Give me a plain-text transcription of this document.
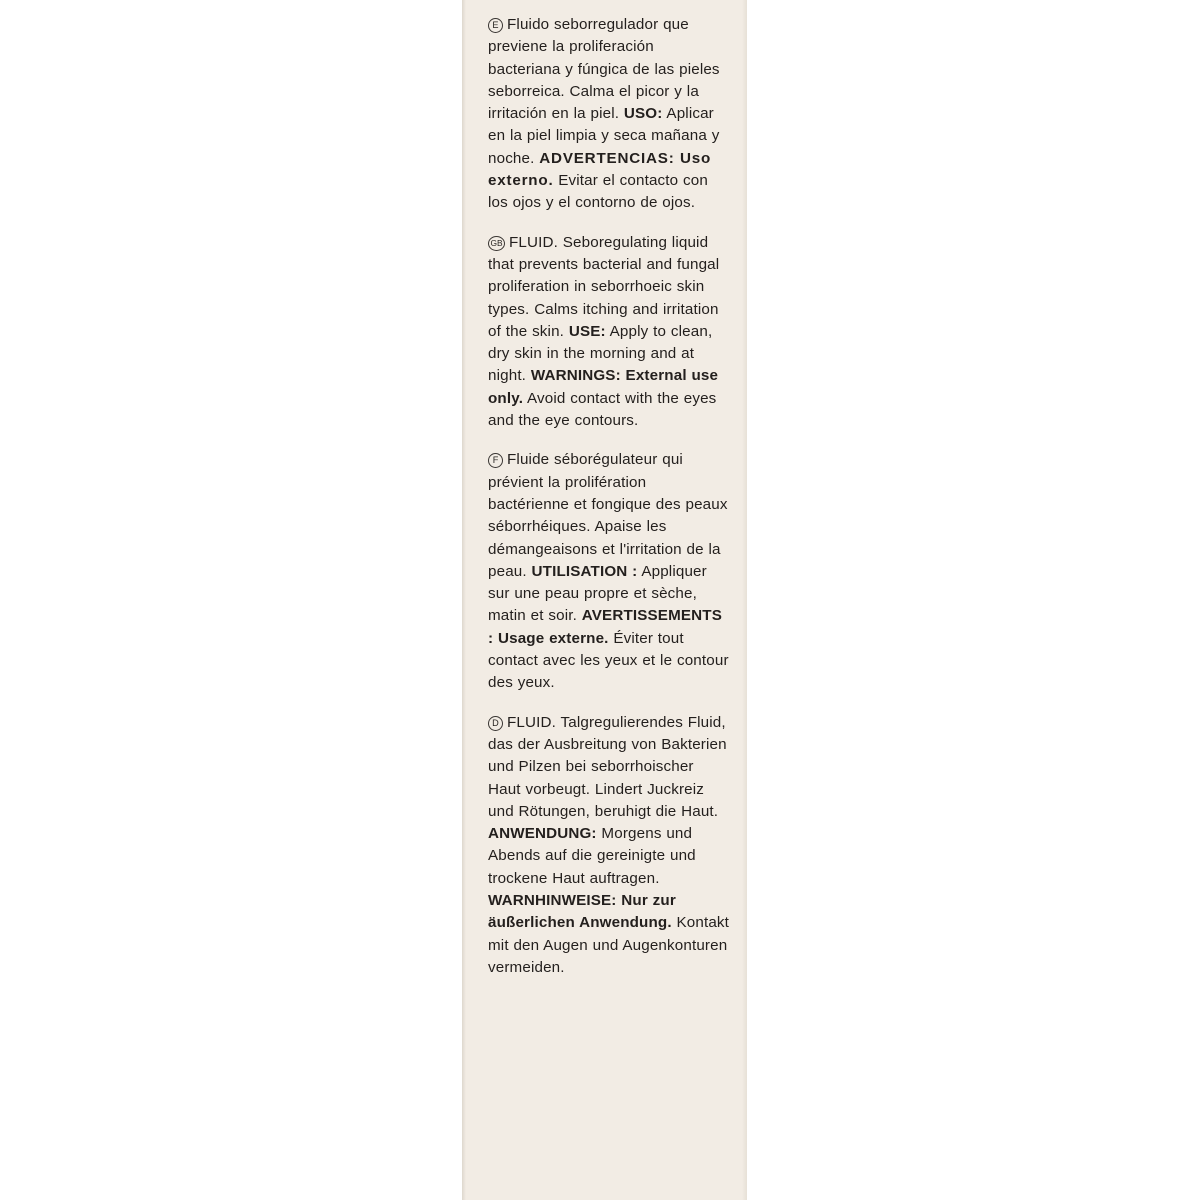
E Fluido seborregulador que previene la proliferación bacteriana y fúngica de las pieles seborreica. Calma el picor y la irritación en la piel. USO: Aplicar en la piel limpia y seca mañana y noche. ADVERTENCIAS: Uso externo. Evitar el contacto con los ojos y el contorno de ojos.
GB FLUID. Seboregulating liquid that prevents bacterial and fungal proliferation in seborrhoeic skin types. Calms itching and irritation of the skin. USE: Apply to clean, dry skin in the morning and at night. WARNINGS: External use only. Avoid contact with the eyes and the eye contours.
F Fluide séborégulateur qui prévient la prolifération bactérienne et fongique des peaux séborrhéiques. Apaise les démangeaisons et l'irritation de la peau. UTILISATION : Appliquer sur une peau propre et sèche, matin et soir. AVERTISSEMENTS : Usage externe. Éviter tout contact avec les yeux et le contour des yeux.
D FLUID. Talgregulierendes Fluid, das der Ausbreitung von Bakterien und Pilzen bei seborrhoischer Haut vorbeugt. Lindert Juckreiz und Rötungen, beruhigt die Haut. ANWENDUNG: Morgens und Abends auf die gereinigte und trockene Haut auftragen. WARNHINWEISE: Nur zur äußerlichen Anwendung. Kontakt mit den Augen und Augenkonturen vermeiden.
